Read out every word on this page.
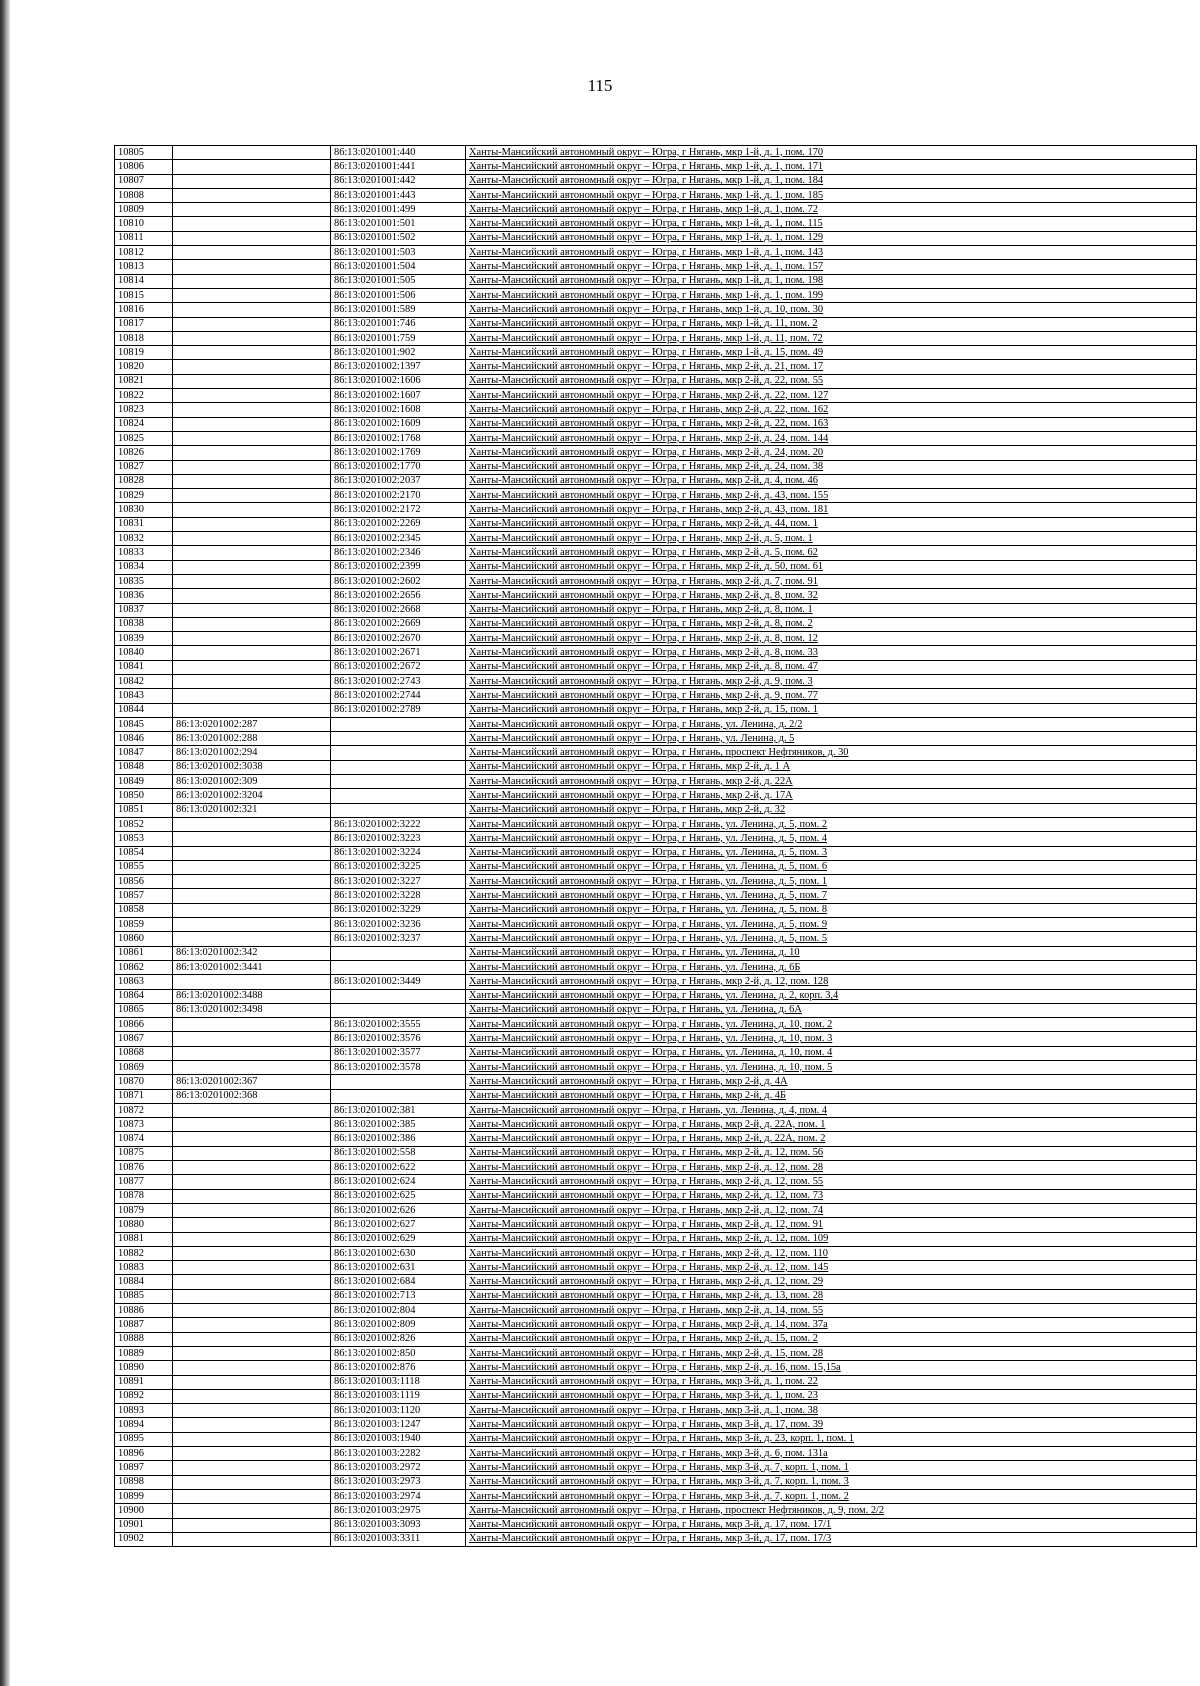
115
10805		86:13:0201001:440	Ханты-Мансийский автономный округ – Югра, г Нягань, мкр 1-й, д. 1, пом. 170
10806		86:13:0201001:441	Ханты-Мансийский автономный округ – Югра, г Нягань, мкр 1-й, д. 1, пом. 171
10807		86:13:0201001:442	Ханты-Мансийский автономный округ – Югра, г Нягань, мкр 1-й, д. 1, пом. 184
10808		86:13:0201001:443	Ханты-Мансийский автономный округ – Югра, г Нягань, мкр 1-й, д. 1, пом. 185
10809		86:13:0201001:499	Ханты-Мансийский автономный округ – Югра, г Нягань, мкр 1-й, д. 1, пом. 72
10810		86:13:0201001:501	Ханты-Мансийский автономный округ – Югра, г Нягань, мкр 1-й, д. 1, пом. 115
10811		86:13:0201001:502	Ханты-Мансийский автономный округ – Югра, г Нягань, мкр 1-й, д. 1, пом. 129
10812		86:13:0201001:503	Ханты-Мансийский автономный округ – Югра, г Нягань, мкр 1-й, д. 1, пом. 143
10813		86:13:0201001:504	Ханты-Мансийский автономный округ – Югра, г Нягань, мкр 1-й, д. 1, пом. 157
10814		86:13:0201001:505	Ханты-Мансийский автономный округ – Югра, г Нягань, мкр 1-й, д. 1, пом. 198
10815		86:13:0201001:506	Ханты-Мансийский автономный округ – Югра, г Нягань, мкр 1-й, д. 1, пом. 199
10816		86:13:0201001:589	Ханты-Мансийский автономный округ – Югра, г Нягань, мкр 1-й, д. 10, пом. 30
10817		86:13:0201001:746	Ханты-Мансийский автономный округ – Югра, г Нягань, мкр 1-й, д. 11, пом. 2
10818		86:13:0201001:759	Ханты-Мансийский автономный округ – Югра, г Нягань, мкр 1-й, д. 11, пом. 72
10819		86:13:0201001:902	Ханты-Мансийский автономный округ – Югра, г Нягань, мкр 1-й, д. 15, пом. 49
10820		86:13:0201002:1397	Ханты-Мансийский автономный округ – Югра, г Нягань, мкр 2-й, д. 21, пом. 17
10821		86:13:0201002:1606	Ханты-Мансийский автономный округ – Югра, г Нягань, мкр 2-й, д. 22, пом. 55
10822		86:13:0201002:1607	Ханты-Мансийский автономный округ – Югра, г Нягань, мкр 2-й, д. 22, пом. 127
10823		86:13:0201002:1608	Ханты-Мансийский автономный округ – Югра, г Нягань, мкр 2-й, д. 22, пом. 162
10824		86:13:0201002:1609	Ханты-Мансийский автономный округ – Югра, г Нягань, мкр 2-й, д. 22, пом. 163
10825		86:13:0201002:1768	Ханты-Мансийский автономный округ – Югра, г Нягань, мкр 2-й, д. 24, пом. 144
10826		86:13:0201002:1769	Ханты-Мансийский автономный округ – Югра, г Нягань, мкр 2-й, д. 24, пом. 20
10827		86:13:0201002:1770	Ханты-Мансийский автономный округ – Югра, г Нягань, мкр 2-й, д. 24, пом. 38
10828		86:13:0201002:2037	Ханты-Мансийский автономный округ – Югра, г Нягань, мкр 2-й, д. 4, пом. 46
10829		86:13:0201002:2170	Ханты-Мансийский автономный округ – Югра, г Нягань, мкр 2-й, д. 43, пом. 155
10830		86:13:0201002:2172	Ханты-Мансийский автономный округ – Югра, г Нягань, мкр 2-й, д. 43, пом. 181
10831		86:13:0201002:2269	Ханты-Мансийский автономный округ – Югра, г Нягань, мкр 2-й, д. 44, пом. 1
10832		86:13:0201002:2345	Ханты-Мансийский автономный округ – Югра, г Нягань, мкр 2-й, д. 5, пом. 1
10833		86:13:0201002:2346	Ханты-Мансийский автономный округ – Югра, г Нягань, мкр 2-й, д. 5, пом. 62
10834		86:13:0201002:2399	Ханты-Мансийский автономный округ – Югра, г Нягань, мкр 2-й, д. 50, пом. 61
10835		86:13:0201002:2602	Ханты-Мансийский автономный округ – Югра, г Нягань, мкр 2-й, д. 7, пом. 91
10836		86:13:0201002:2656	Ханты-Мансийский автономный округ – Югра, г Нягань, мкр 2-й, д. 8, пом. 32
10837		86:13:0201002:2668	Ханты-Мансийский автономный округ – Югра, г Нягань, мкр 2-й, д. 8, пом. 1
10838		86:13:0201002:2669	Ханты-Мансийский автономный округ – Югра, г Нягань, мкр 2-й, д. 8, пом. 2
10839		86:13:0201002:2670	Ханты-Мансийский автономный округ – Югра, г Нягань, мкр 2-й, д. 8, пом. 12
10840		86:13:0201002:2671	Ханты-Мансийский автономный округ – Югра, г Нягань, мкр 2-й, д. 8, пом. 33
10841		86:13:0201002:2672	Ханты-Мансийский автономный округ – Югра, г Нягань, мкр 2-й, д. 8, пом. 47
10842		86:13:0201002:2743	Ханты-Мансийский автономный округ – Югра, г Нягань, мкр 2-й, д. 9, пом. 3
10843		86:13:0201002:2744	Ханты-Мансийский автономный округ – Югра, г Нягань, мкр 2-й, д. 9, пом. 77
10844		86:13:0201002:2789	Ханты-Мансийский автономный округ – Югра, г Нягань, мкр 2-й, д. 15, пом. 1
10845	86:13:0201002:287		Ханты-Мансийский автономный округ – Югра, г Нягань, ул. Ленина, д. 2/2
10846	86:13:0201002:288		Ханты-Мансийский автономный округ – Югра, г Нягань, ул. Ленина, д. 5
10847	86:13:0201002:294		Ханты-Мансийский автономный округ – Югра, г Нягань, проспект Нефтяников, д. 30
10848	86:13:0201002:3038		Ханты-Мансийский автономный округ – Югра, г Нягань, мкр 2-й, д. 1 А
10849	86:13:0201002:309		Ханты-Мансийский автономный округ – Югра, г Нягань, мкр 2-й, д. 22А
10850	86:13:0201002:3204		Ханты-Мансийский автономный округ – Югра, г Нягань, мкр 2-й, д. 17А
10851	86:13:0201002:321		Ханты-Мансийский автономный округ – Югра, г Нягань, мкр 2-й, д. 32
10852		86:13:0201002:3222	Ханты-Мансийский автономный округ – Югра, г Нягань, ул. Ленина, д. 5, пом. 2
10853		86:13:0201002:3223	Ханты-Мансийский автономный округ – Югра, г Нягань, ул. Ленина, д. 5, пом. 4
10854		86:13:0201002:3224	Ханты-Мансийский автономный округ – Югра, г Нягань, ул. Ленина, д. 5, пом. 3
10855		86:13:0201002:3225	Ханты-Мансийский автономный округ – Югра, г Нягань, ул. Ленина, д. 5, пом. 6
10856		86:13:0201002:3227	Ханты-Мансийский автономный округ – Югра, г Нягань, ул. Ленина, д. 5, пом. 1
10857		86:13:0201002:3228	Ханты-Мансийский автономный округ – Югра, г Нягань, ул. Ленина, д. 5, пом. 7
10858		86:13:0201002:3229	Ханты-Мансийский автономный округ – Югра, г Нягань, ул. Ленина, д. 5, пом. 8
10859		86:13:0201002:3236	Ханты-Мансийский автономный округ – Югра, г Нягань, ул. Ленина, д. 5, пом. 9
10860		86:13:0201002:3237	Ханты-Мансийский автономный округ – Югра, г Нягань, ул. Ленина, д. 5, пом. 5
10861	86:13:0201002:342		Ханты-Мансийский автономный округ – Югра, г Нягань, ул. Ленина, д. 10
10862	86:13:0201002:3441		Ханты-Мансийский автономный округ – Югра, г Нягань, ул. Ленина, д. 6Б
10863		86:13:0201002:3449	Ханты-Мансийский автономный округ – Югра, г Нягань, мкр 2-й, д. 12, пом. 128
10864	86:13:0201002:3488		Ханты-Мансийский автономный округ – Югра, г Нягань, ул. Ленина, д. 2, корп. 3,4
10865	86:13:0201002:3498		Ханты-Мансийский автономный округ – Югра, г Нягань, ул. Ленина, д. 6А
10866		86:13:0201002:3555	Ханты-Мансийский автономный округ – Югра, г Нягань, ул. Ленина, д. 10, пом. 2
10867		86:13:0201002:3576	Ханты-Мансийский автономный округ – Югра, г Нягань, ул. Ленина, д. 10, пом. 3
10868		86:13:0201002:3577	Ханты-Мансийский автономный округ – Югра, г Нягань, ул. Ленина, д. 10, пом. 4
10869		86:13:0201002:3578	Ханты-Мансийский автономный округ – Югра, г Нягань, ул. Ленина, д. 10, пом. 5
10870	86:13:0201002:367		Ханты-Мансийский автономный округ – Югра, г Нягань, мкр 2-й, д. 4А
10871	86:13:0201002:368		Ханты-Мансийский автономный округ – Югра, г Нягань, мкр 2-й, д. 4Б
10872		86:13:0201002:381	Ханты-Мансийский автономный округ – Югра, г Нягань, ул. Ленина, д. 4, пом. 4
10873		86:13:0201002:385	Ханты-Мансийский автономный округ – Югра, г Нягань, мкр 2-й, д. 22А, пом. 1
10874		86:13:0201002:386	Ханты-Мансийский автономный округ – Югра, г Нягань, мкр 2-й, д. 22А, пом. 2
10875		86:13:0201002:558	Ханты-Мансийский автономный округ – Югра, г Нягань, мкр 2-й, д. 12, пом. 56
10876		86:13:0201002:622	Ханты-Мансийский автономный округ – Югра, г Нягань, мкр 2-й, д. 12, пом. 28
10877		86:13:0201002:624	Ханты-Мансийский автономный округ – Югра, г Нягань, мкр 2-й, д. 12, пом. 55
10878		86:13:0201002:625	Ханты-Мансийский автономный округ – Югра, г Нягань, мкр 2-й, д. 12, пом. 73
10879		86:13:0201002:626	Ханты-Мансийский автономный округ – Югра, г Нягань, мкр 2-й, д. 12, пом. 74
10880		86:13:0201002:627	Ханты-Мансийский автономный округ – Югра, г Нягань, мкр 2-й, д. 12, пом. 91
10881		86:13:0201002:629	Ханты-Мансийский автономный округ – Югра, г Нягань, мкр 2-й, д. 12, пом. 109
10882		86:13:0201002:630	Ханты-Мансийский автономный округ – Югра, г Нягань, мкр 2-й, д. 12, пом. 110
10883		86:13:0201002:631	Ханты-Мансийский автономный округ – Югра, г Нягань, мкр 2-й, д. 12, пом. 145
10884		86:13:0201002:684	Ханты-Мансийский автономный округ – Югра, г Нягань, мкр 2-й, д. 12, пом. 29
10885		86:13:0201002:713	Ханты-Мансийский автономный округ – Югра, г Нягань, мкр 2-й, д. 13, пом. 28
10886		86:13:0201002:804	Ханты-Мансийский автономный округ – Югра, г Нягань, мкр 2-й, д. 14, пом. 55
10887		86:13:0201002:809	Ханты-Мансийский автономный округ – Югра, г Нягань, мкр 2-й, д. 14, пом. 37а
10888		86:13:0201002:826	Ханты-Мансийский автономный округ – Югра, г Нягань, мкр 2-й, д. 15, пом. 2
10889		86:13:0201002:850	Ханты-Мансийский автономный округ – Югра, г Нягань, мкр 2-й, д. 15, пом. 28
10890		86:13:0201002:876	Ханты-Мансийский автономный округ – Югра, г Нягань, мкр 2-й, д. 16, пом. 15,15а
10891		86:13:0201003:1118	Ханты-Мансийский автономный округ – Югра, г Нягань, мкр 3-й, д. 1, пом. 22
10892		86:13:0201003:1119	Ханты-Мансийский автономный округ – Югра, г Нягань, мкр 3-й, д. 1, пом. 23
10893		86:13:0201003:1120	Ханты-Мансийский автономный округ – Югра, г Нягань, мкр 3-й, д. 1, пом. 38
10894		86:13:0201003:1247	Ханты-Мансийский автономный округ – Югра, г Нягань, мкр 3-й, д. 17, пом. 39
10895		86:13:0201003:1940	Ханты-Мансийский автономный округ – Югра, г Нягань, мкр 3-й, д. 23, корп. 1, пом. 1
10896		86:13:0201003:2282	Ханты-Мансийский автономный округ – Югра, г Нягань, мкр 3-й, д. 6, пом. 131а
10897		86:13:0201003:2972	Ханты-Мансийский автономный округ – Югра, г Нягань, мкр 3-й, д. 7, корп. 1, пом. 1
10898		86:13:0201003:2973	Ханты-Мансийский автономный округ – Югра, г Нягань, мкр 3-й, д. 7, корп. 1, пом. 3
10899		86:13:0201003:2974	Ханты-Мансийский автономный округ – Югра, г Нягань, мкр 3-й, д. 7, корп. 1, пом. 2
10900		86:13:0201003:2975	Ханты-Мансийский автономный округ – Югра, г Нягань, проспект Нефтяников, д. 9, пом. 2/2
10901		86:13:0201003:3093	Ханты-Мансийский автономный округ – Югра, г Нягань, мкр 3-й, д. 17, пом. 17/1
10902		86:13:0201003:3311	Ханты-Мансийский автономный округ – Югра, г Нягань, мкр 3-й, д. 17, пом. 17/3
